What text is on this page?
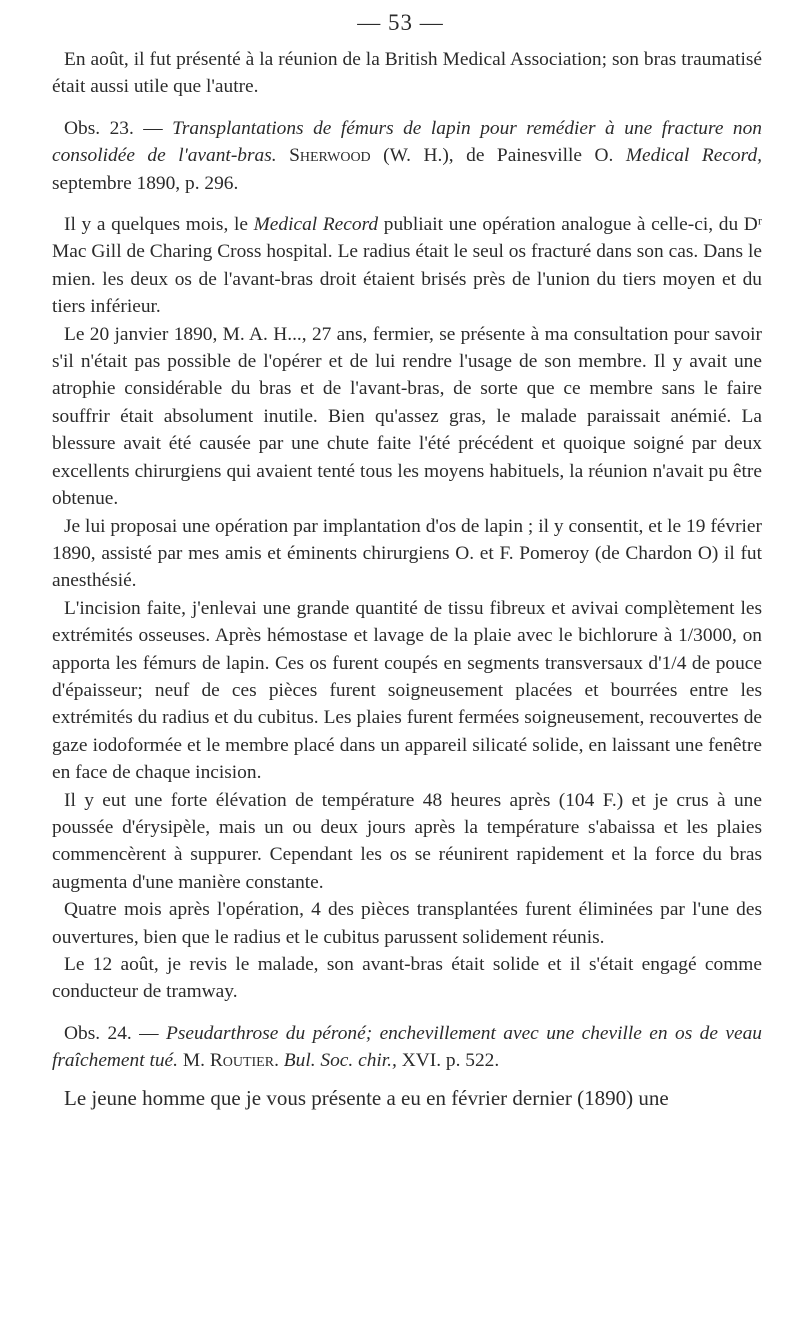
— 53 —

En août, il fut présenté à la réunion de la British Medical Association; son bras traumatisé était aussi utile que l'autre.

Obs. 23. — Transplantations de fémurs de lapin pour remédier à une fracture non consolidée de l'avant-bras. Sherwood (W. H.), de Painesville O. Medical Record, septembre 1890, p. 296.

Il y a quelques mois, le Medical Record publiait une opération analogue à celle-ci, du Dʳ Mac Gill de Charing Cross hospital. Le radius était le seul os fracturé dans son cas. Dans le mien. les deux os de l'avant-bras droit étaient brisés près de l'union du tiers moyen et du tiers inférieur.

Le 20 janvier 1890, M. A. H..., 27 ans, fermier, se présente à ma consultation pour savoir s'il n'était pas possible de l'opérer et de lui rendre l'usage de son membre. Il y avait une atrophie considérable du bras et de l'avant-bras, de sorte que ce membre sans le faire souffrir était absolument inutile. Bien qu'assez gras, le malade paraissait anémié. La blessure avait été causée par une chute faite l'été précédent et quoique soigné par deux excellents chirurgiens qui avaient tenté tous les moyens habituels, la réunion n'avait pu être obtenue.

Je lui proposai une opération par implantation d'os de lapin ; il y consentit, et le 19 février 1890, assisté par mes amis et éminents chirurgiens O. et F. Pomeroy (de Chardon O) il fut anesthésié.

L'incision faite, j'enlevai une grande quantité de tissu fibreux et avivai complètement les extrémités osseuses. Après hémostase et lavage de la plaie avec le bichlorure à 1/3000, on apporta les fémurs de lapin. Ces os furent coupés en segments transversaux d'1/4 de pouce d'épaisseur; neuf de ces pièces furent soigneusement placées et bourrées entre les extrémités du radius et du cubitus. Les plaies furent fermées soigneusement, recouvertes de gaze iodoformée et le membre placé dans un appareil silicaté solide, en laissant une fenêtre en face de chaque incision.

Il y eut une forte élévation de température 48 heures après (104 F.) et je crus à une poussée d'érysipèle, mais un ou deux jours après la température s'abaissa et les plaies commencèrent à suppurer. Cependant les os se réunirent rapidement et la force du bras augmenta d'une manière constante.

Quatre mois après l'opération, 4 des pièces transplantées furent éliminées par l'une des ouvertures, bien que le radius et le cubitus parussent solidement réunis.

Le 12 août, je revis le malade, son avant-bras était solide et il s'était engagé comme conducteur de tramway.

Obs. 24. — Pseudarthrose du péroné; enchevillement avec une cheville en os de veau fraîchement tué. M. Routier. Bul. Soc. chir., XVI. p. 522.

Le jeune homme que je vous présente a eu en février dernier (1890) une
